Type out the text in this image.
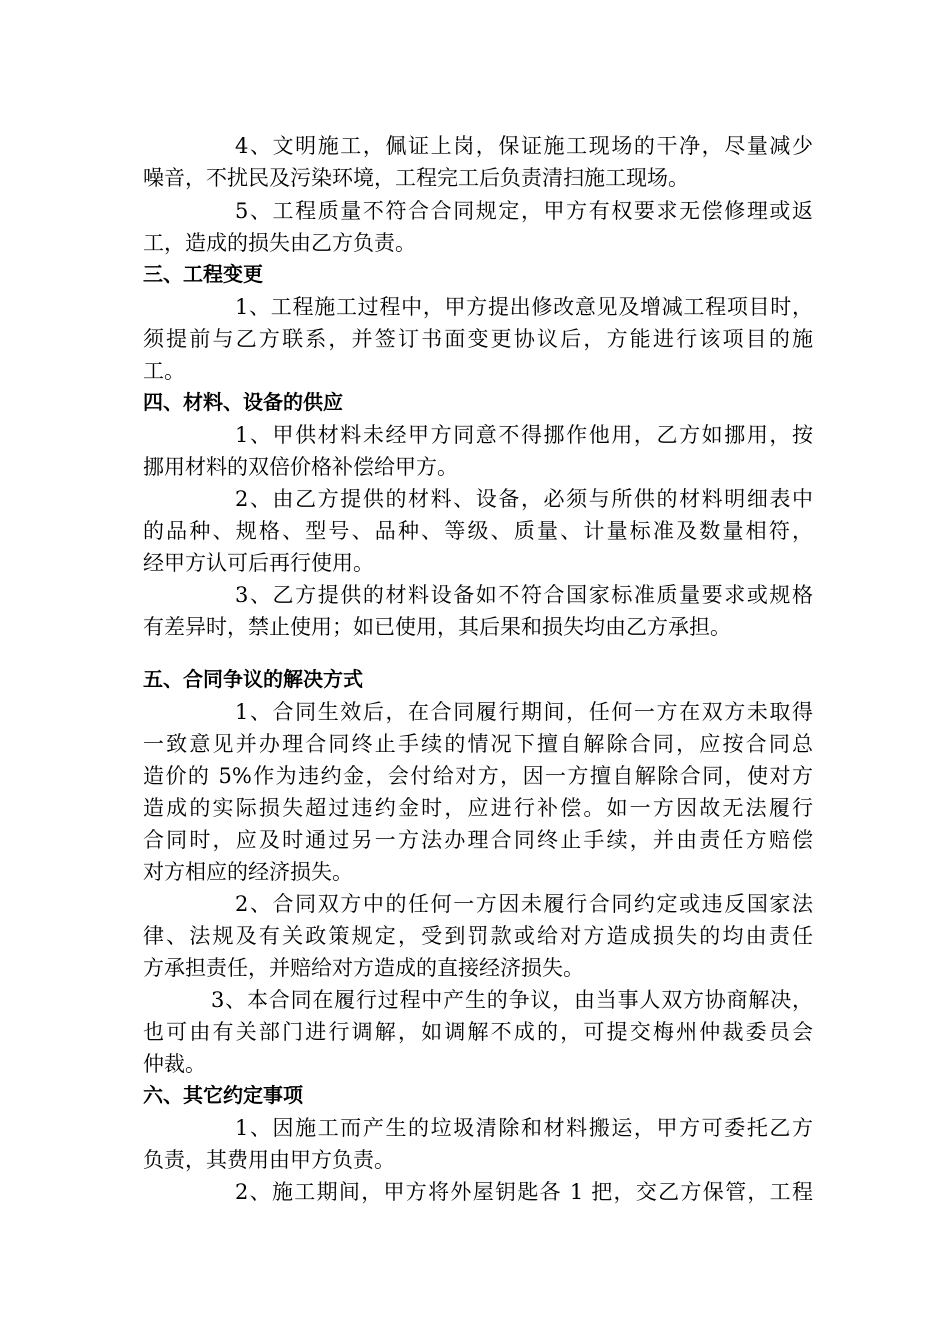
4、文明施工，佩证上岗，保证施工现场的干净，尽量减少
噪音，不扰民及污染环境，工程完工后负责清扫施工现场。
5、工程质量不符合合同规定，甲方有权要求无偿修理或返
工，造成的损失由乙方负责。
三、工程变更
1、工程施工过程中，甲方提出修改意见及增减工程项目时，
须提前与乙方联系，并签订书面变更协议后，方能进行该项目的施
工。
四、材料、设备的供应
1、甲供材料未经甲方同意不得挪作他用，乙方如挪用，按
挪用材料的双倍价格补偿给甲方。
2、由乙方提供的材料、设备，必须与所供的材料明细表中
的品种、规格、型号、品种、等级、质量、计量标准及数量相符，
经甲方认可后再行使用。
3、乙方提供的材料设备如不符合国家标准质量要求或规格
有差异时，禁止使用；如已使用，其后果和损失均由乙方承担。
五、合同争议的解决方式
1、合同生效后，在合同履行期间，任何一方在双方未取得
一致意见并办理合同终止手续的情况下擅自解除合同，应按合同总
造价的 5%作为违约金，会付给对方，因一方擅自解除合同，使对方
造成的实际损失超过违约金时，应进行补偿。如一方因故无法履行
合同时，应及时通过另一方法办理合同终止手续，并由责任方赔偿
对方相应的经济损失。
2、合同双方中的任何一方因未履行合同约定或违反国家法
律、法规及有关政策规定，受到罚款或给对方造成损失的均由责任
方承担责任，并赔给对方造成的直接经济损失。
3、本合同在履行过程中产生的争议，由当事人双方协商解决，
也可由有关部门进行调解，如调解不成的，可提交梅州仲裁委员会
仲裁。
六、其它约定事项
1、因施工而产生的垃圾清除和材料搬运，甲方可委托乙方
负责，其费用由甲方负责。
2、施工期间，甲方将外屋钥匙各 1 把，交乙方保管，工程
